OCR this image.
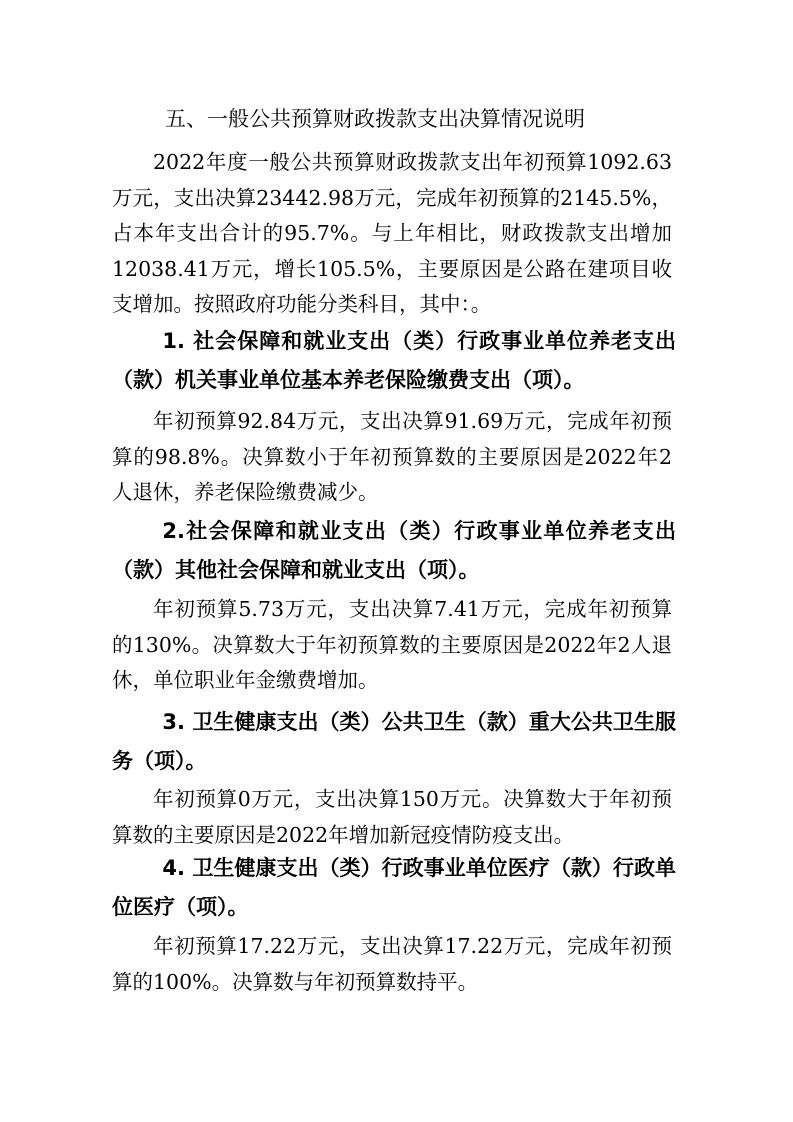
五、一般公共预算财政拨款支出决算情况说明

2022年度一般公共预算财政拨款支出年初预算1092.63万元，支出决算23442.98万元，完成年初预算的2145.5%，占本年支出合计的95.7%。与上年相比，财政拨款支出增加12038.41万元，增长105.5%，主要原因是公路在建项目收支增加。按照政府功能分类科目，其中：。

1. 社会保障和就业支出（类）行政事业单位养老支出（款）机关事业单位基本养老保险缴费支出（项）。

年初预算92.84万元，支出决算91.69万元，完成年初预算的98.8%。决算数小于年初预算数的主要原因是2022年2人退休，养老保险缴费减少。

2.社会保障和就业支出（类）行政事业单位养老支出（款）其他社会保障和就业支出（项）。

年初预算5.73万元，支出决算7.41万元，完成年初预算的130%。决算数大于年初预算数的主要原因是2022年2人退休，单位职业年金缴费增加。

3. 卫生健康支出（类）公共卫生（款）重大公共卫生服务（项）。

年初预算0万元，支出决算150万元。决算数大于年初预算数的主要原因是2022年增加新冠疫情防疫支出。

4. 卫生健康支出（类）行政事业单位医疗（款）行政单位医疗（项）。

年初预算17.22万元，支出决算17.22万元，完成年初预算的100%。决算数与年初预算数持平。
